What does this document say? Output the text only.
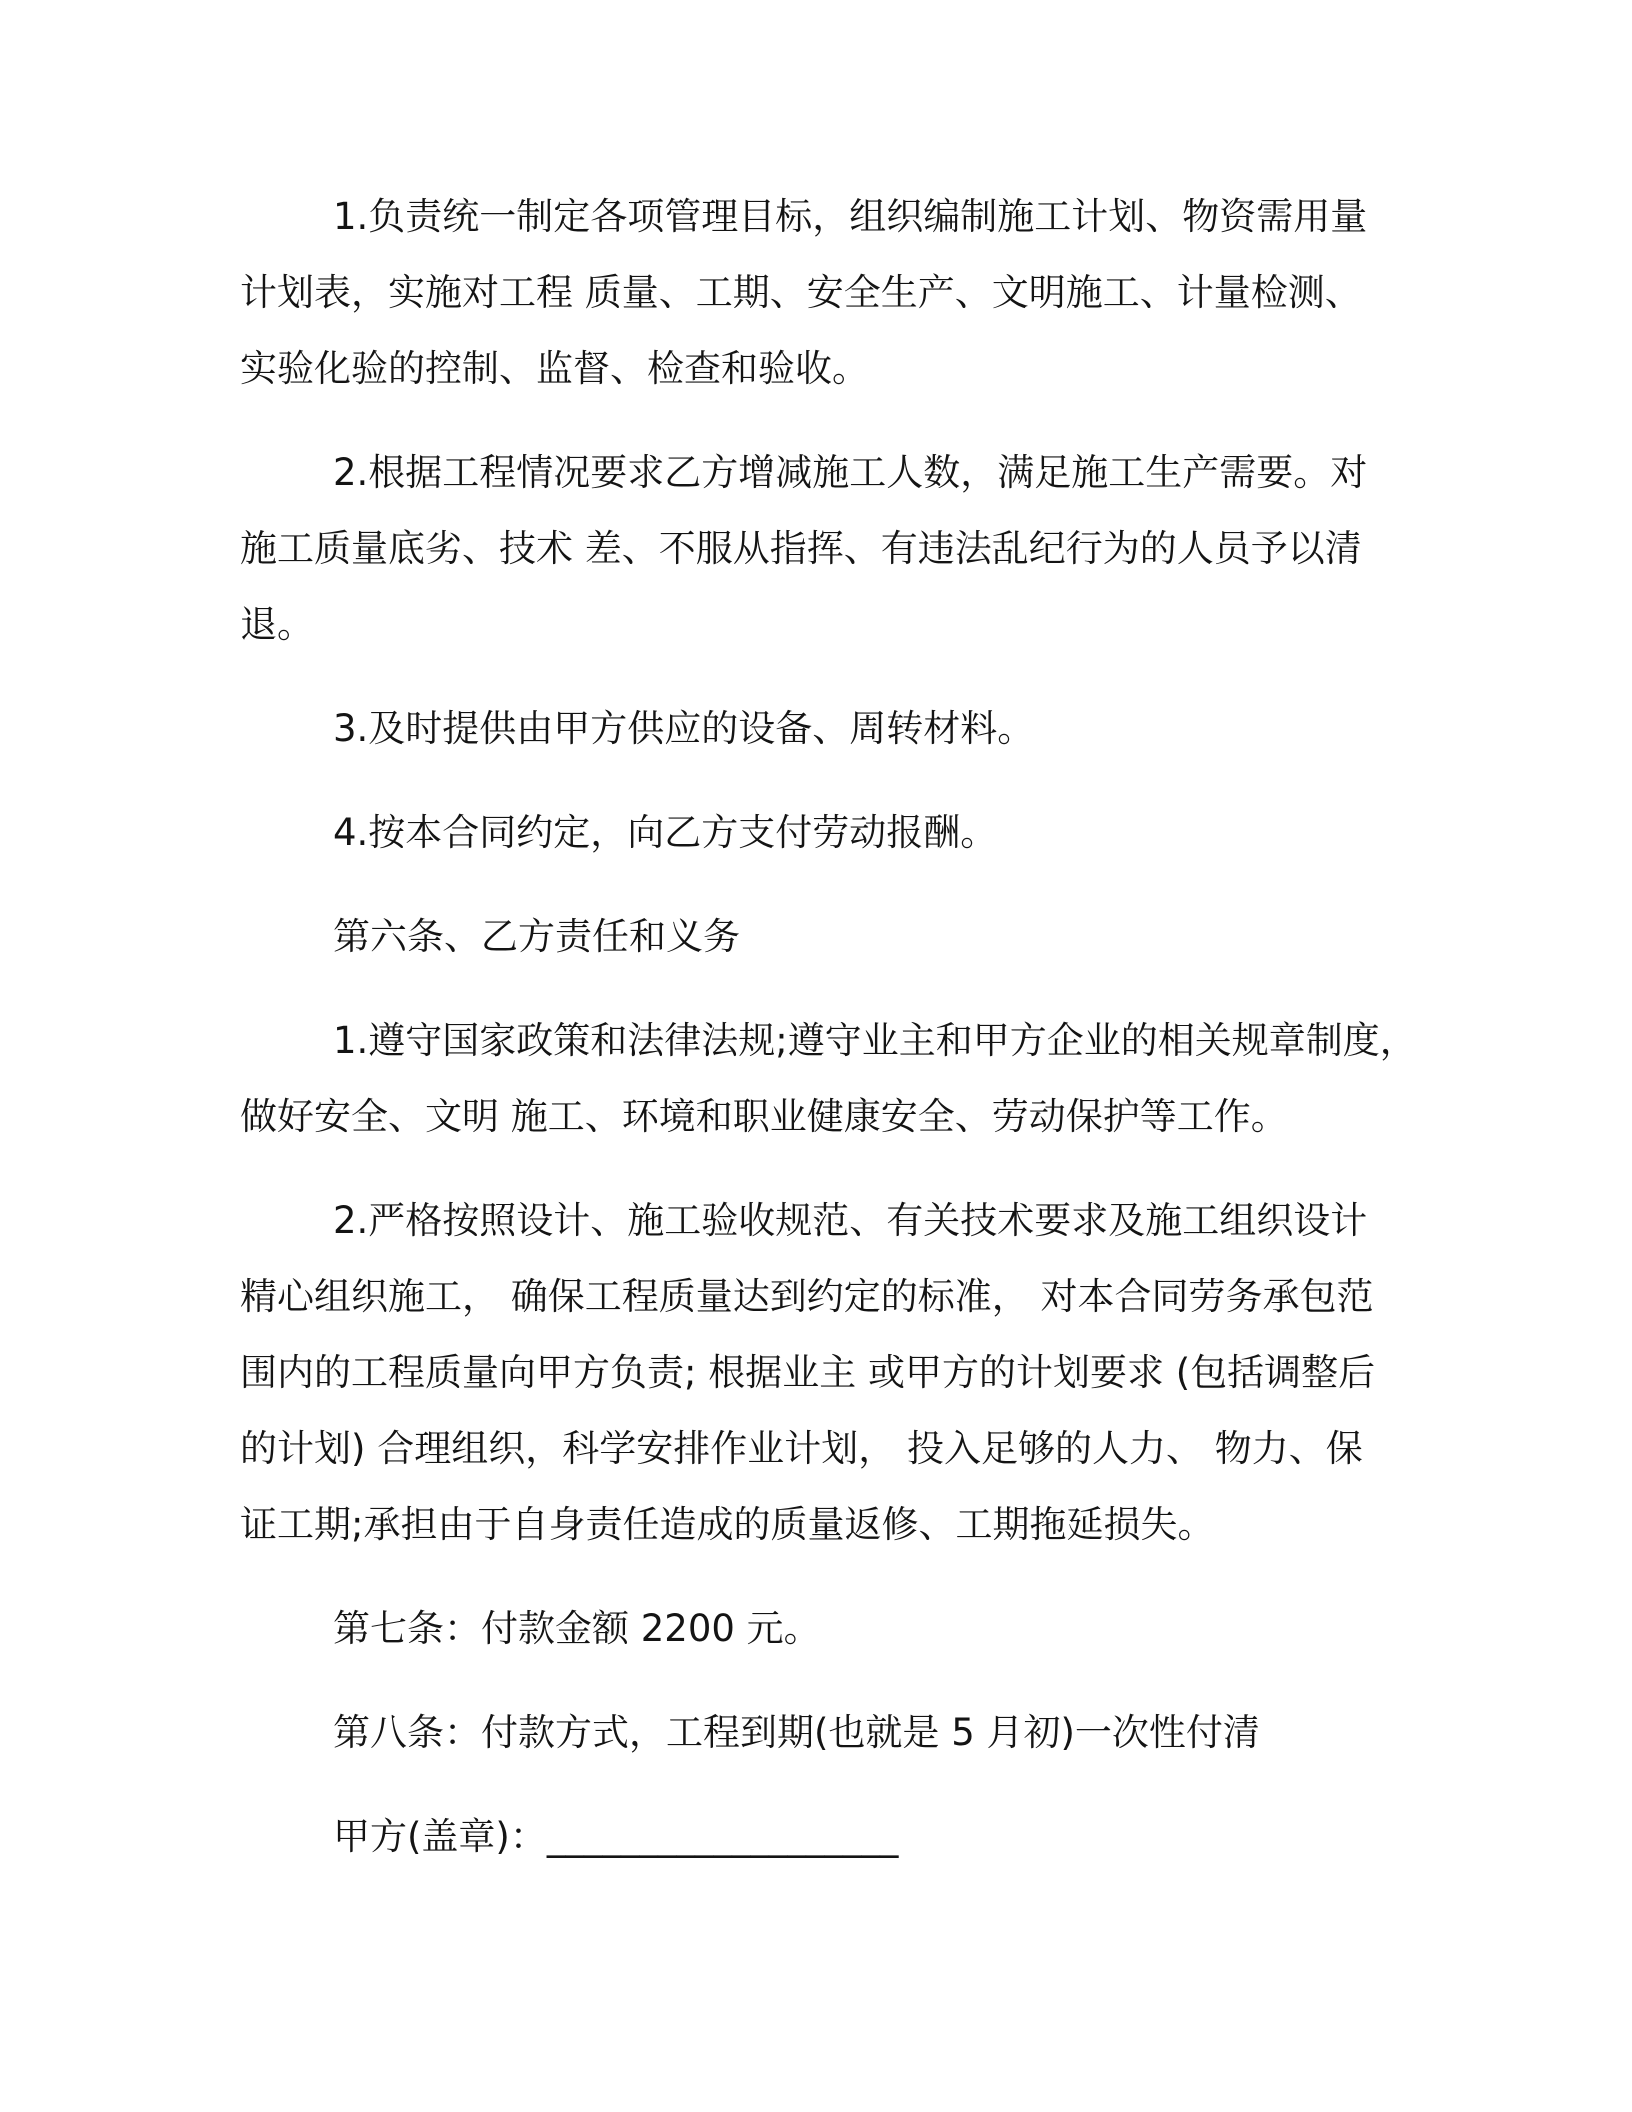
1.负责统一制定各项管理目标，组织编制施工计划、物资需用量
计划表，实施对工程 质量、工期、安全生产、文明施工、计量检测、
实验化验的控制、监督、检查和验收。
2.根据工程情况要求乙方增减施工人数，满足施工生产需要。对
施工质量底劣、技术 差、不服从指挥、有违法乱纪行为的人员予以清
退。
3.及时提供由甲方供应的设备、周转材料。
4.按本合同约定，向乙方支付劳动报酬。
第六条、乙方责任和义务
1.遵守国家政策和法律法规;遵守业主和甲方企业的相关规章制度，
做好安全、文明 施工、环境和职业健康安全、劳动保护等工作。
2.严格按照设计、施工验收规范、有关技术要求及施工组织设计
精心组织施工， 确保工程质量达到约定的标准， 对本合同劳务承包范
围内的工程质量向甲方负责; 根据业主 或甲方的计划要求 (包括调整后
的计划) 合理组织，科学安排作业计划， 投入足够的人力、 物力、保
证工期;承担由于自身责任造成的质量返修、工期拖延损失。
第七条：付款金额 2200 元。
第八条：付款方式，工程到期(也就是 5 月初)一次性付清
甲方(盖章)：___________________
